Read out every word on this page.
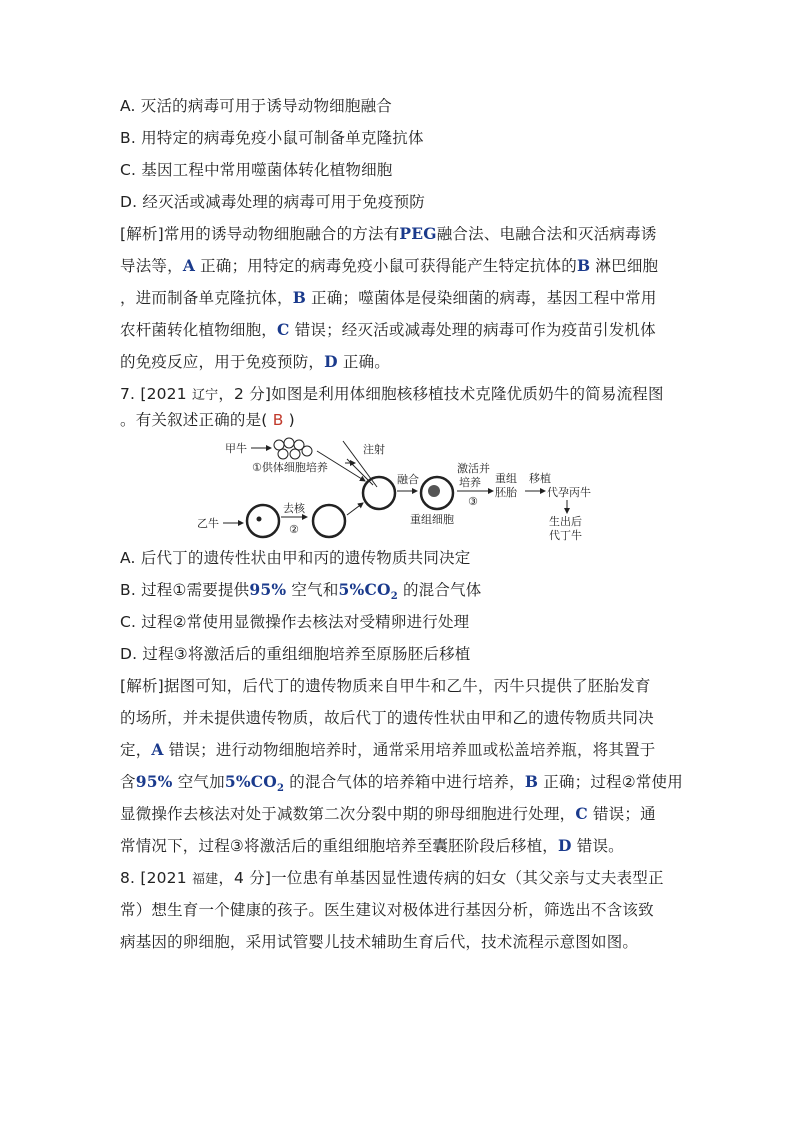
A. 灭活的病毒可用于诱导动物细胞融合
B. 用特定的病毒免疫小鼠可制备单克隆抗体
C. 基因工程中常用噬菌体转化植物细胞
D. 经灭活或减毒处理的病毒可用于免疫预防
[解析]常用的诱导动物细胞融合的方法有PEG融合法、电融合法和灭活病毒诱
导法等，A 正确；用特定的病毒免疫小鼠可获得能产生特定抗体的B 淋巴细胞
，进而制备单克隆抗体，B 正确；噬菌体是侵染细菌的病毒，基因工程中常用
农杆菌转化植物细胞，C 错误；经灭活或减毒处理的病毒可作为疫苗引发机体
的免疫反应，用于免疫预防，D 正确。
7. [2021 辽宁，2 分]如图是利用体细胞核移植技术克隆优质奶牛的简易流程图
。有关叙述正确的是( B )
甲牛
①供体细胞培养
注射
乙牛
去核
②
融合
重组细胞
激活并
培养
③
重组
胚胎
移植
代孕丙牛
生出后
代丁牛
A. 后代丁的遗传性状由甲和丙的遗传物质共同决定
B. 过程①需要提供95% 空气和$5\%CO_2$ 的混合气体
C. 过程②常使用显微操作去核法对受精卵进行处理
D. 过程③将激活后的重组细胞培养至原肠胚后移植
[解析]据图可知，后代丁的遗传物质来自甲牛和乙牛，丙牛只提供了胚胎发育
的场所，并未提供遗传物质，故后代丁的遗传性状由甲和乙的遗传物质共同决
定，A 错误；进行动物细胞培养时，通常采用培养皿或松盖培养瓶，将其置于
含95% 空气加$5\%CO_2$ 的混合气体的培养箱中进行培养，B 正确；过程②常使用
显微操作去核法对处于减数第二次分裂中期的卵母细胞进行处理，C 错误；通
常情况下，过程③将激活后的重组细胞培养至囊胚阶段后移植，D 错误。
8. [2021 福建，4 分]一位患有单基因显性遗传病的妇女（其父亲与丈夫表型正
常）想生育一个健康的孩子。医生建议对极体进行基因分析，筛选出不含该致
病基因的卵细胞，采用试管婴儿技术辅助生育后代，技术流程示意图如图。
